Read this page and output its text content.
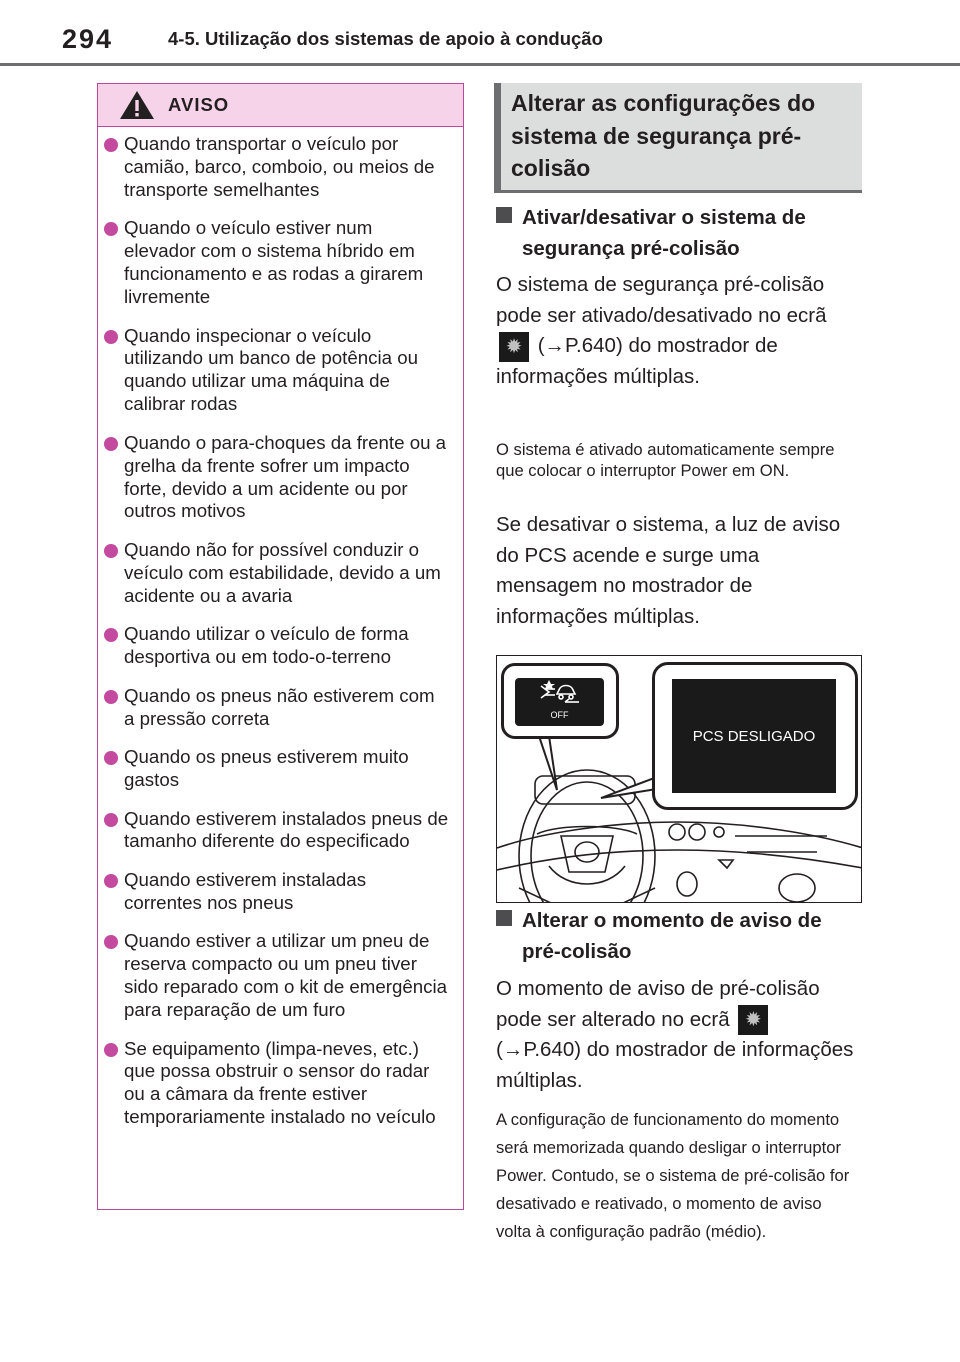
294	4-5. Utilização dos sistemas de apoio à condução
AVISO
Quando transportar o veículo por camião, barco, comboio, ou meios de transporte semelhantes
Quando o veículo estiver num elevador com o sistema híbrido em funcionamento e as rodas a girarem livremente
Quando inspecionar o veículo utilizando um banco de potência ou quando utilizar uma máquina de calibrar rodas
Quando o para-choques da frente ou a grelha da frente sofrer um impacto forte, devido a um acidente ou por outros motivos
Quando não for possível conduzir o veículo com estabilidade, devido a um acidente ou a avaria
Quando utilizar o veículo de forma desportiva ou em todo-o-terreno
Quando os pneus não estiverem com a pressão correta
Quando os pneus estiverem muito gastos
Quando estiverem instalados pneus de tamanho diferente do especificado
Quando estiverem instaladas correntes nos pneus
Quando estiver a utilizar um pneu de reserva compacto ou um pneu tiver sido reparado com o kit de emergência para reparação de um furo
Se equipamento (limpa-neves, etc.) que possa obstruir o sensor do radar ou a câmara da frente estiver temporariamente instalado no veículo
Alterar as configurações do sistema de segurança pré-colisão
Ativar/desativar o sistema de segurança pré-colisão
O sistema de segurança pré-colisão pode ser ativado/desativado no ecrã ✹ (→P.640) do mostrador de informações múltiplas.
O sistema é ativado automaticamente sempre que colocar o interruptor Power em ON.
Se desativar o sistema, a luz de aviso do PCS acende e surge uma mensagem no mostrador de informações múltiplas.
OFF
PCS DESLIGADO
Alterar o momento de aviso de pré-colisão
O momento de aviso de pré-colisão pode ser alterado no ecrã ✹ (→P.640) do mostrador de informações múltiplas.
A configuração de funcionamento do momento será memorizada quando desligar o interruptor Power. Contudo, se o sistema de pré-colisão for desativado e reativado, o momento de aviso volta à configuração padrão (médio).
